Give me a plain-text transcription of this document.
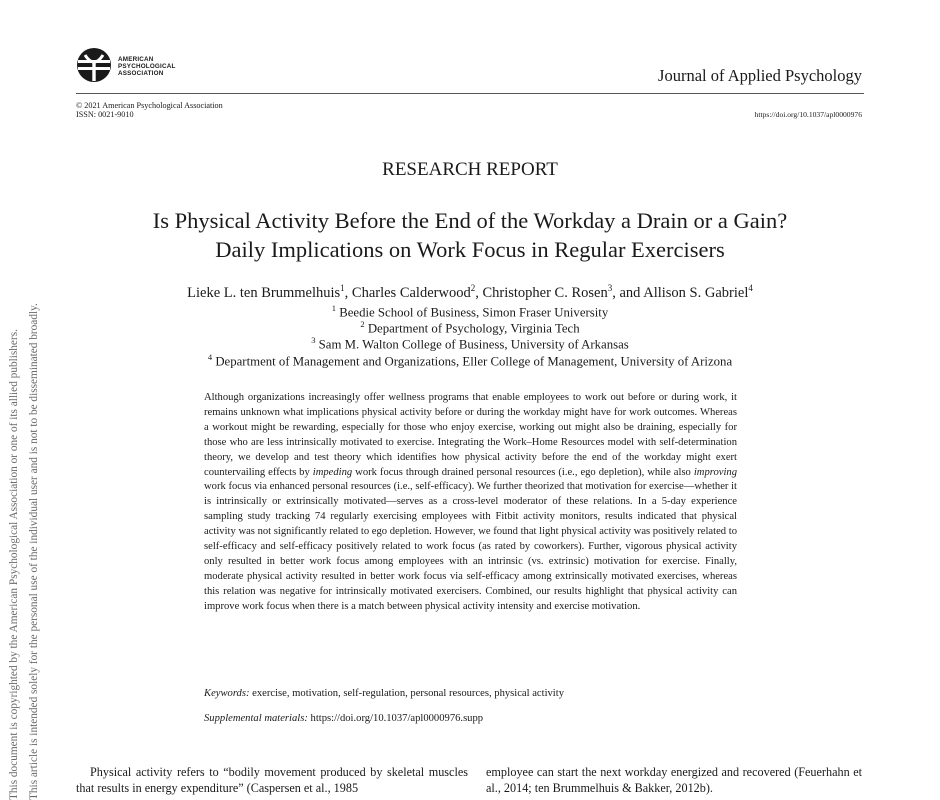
AMERICAN
PSYCHOLOGICAL
ASSOCIATION	Journal of Applied Psychology
© 2021 American Psychological Association
ISSN: 0021-9010	https://doi.org/10.1037/apl0000976
RESEARCH REPORT
Is Physical Activity Before the End of the Workday a Drain or a Gain?
Daily Implications on Work Focus in Regular Exercisers
Lieke L. ten Brummelhuis$^1$, Charles Calderwood$^2$, Christopher C. Rosen$^3$, and Allison S. Gabriel$^4$
$^1$ Beedie School of Business, Simon Fraser University
$^2$ Department of Psychology, Virginia Tech
$^3$ Sam M. Walton College of Business, University of Arkansas
$^4$ Department of Management and Organizations, Eller College of Management, University of Arizona
Although organizations increasingly offer wellness programs that enable employees to work out before or during work, it remains unknown what implications physical activity before or during the workday might have for work outcomes. Whereas a workout might be rewarding, especially for those who enjoy exercise, working out might also be draining, especially for those who are less intrinsically motivated to exercise. Integrating the Work–Home Resources model with self-determination theory, we develop and test theory which identifies how physical activity before the end of the workday might exert countervailing effects by impeding work focus through drained personal resources (i.e., ego depletion), while also improving work focus via enhanced personal resources (i.e., self-efficacy). We further theorized that motivation for exercise—whether it is intrinsically or extrinsically motivated—serves as a cross-level moderator of these relations. In a 5-day experience sampling study tracking 74 regularly exercising employees with Fitbit activity monitors, results indicated that physical activity was not significantly related to ego depletion. However, we found that light physical activity was positively related to self-efficacy and self-efficacy positively related to work focus (as rated by coworkers). Further, vigorous physical activity only resulted in better work focus among employees with an intrinsic (vs. extrinsic) motivation for exercise. Finally, moderate physical activity resulted in better work focus via self-efficacy among extrinsically motivated exercises, whereas this relation was negative for intrinsically motivated exercisers. Combined, our results highlight that physical activity can improve work focus when there is a match between physical activity intensity and exercise motivation.
Keywords: exercise, motivation, self-regulation, personal resources, physical activity
Supplemental materials: https://doi.org/10.1037/apl0000976.supp
Physical activity refers to “bodily movement produced by skeletal muscles that results in energy expenditure” (Caspersen et al., 1985
employee can start the next workday energized and recovered (Feuerhahn et al., 2014; ten Brummelhuis & Bakker, 2012b).
This document is copyrighted by the American Psychological Association or one of its allied publishers. This article is intended solely for the personal use of the individual user and is not to be disseminated broadly.
